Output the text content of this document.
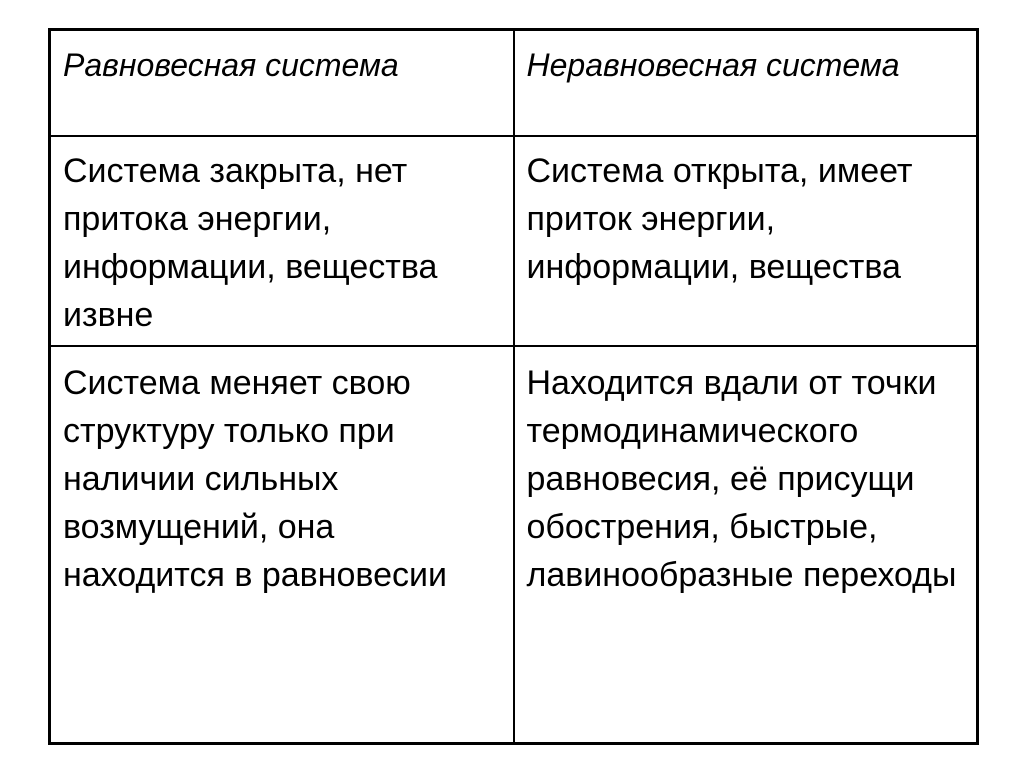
Равновесная система	Неравновесная система
Система закрыта, нет притока энергии, информации, вещества извне	Система открыта, имеет приток энергии, информации, вещества
Система меняет свою структуру только при наличии сильных возмущений, она находится в равновесии	Находится вдали от точки термодинамического равновесия, её присущи обострения, быстрые, лавинообразные переходы
